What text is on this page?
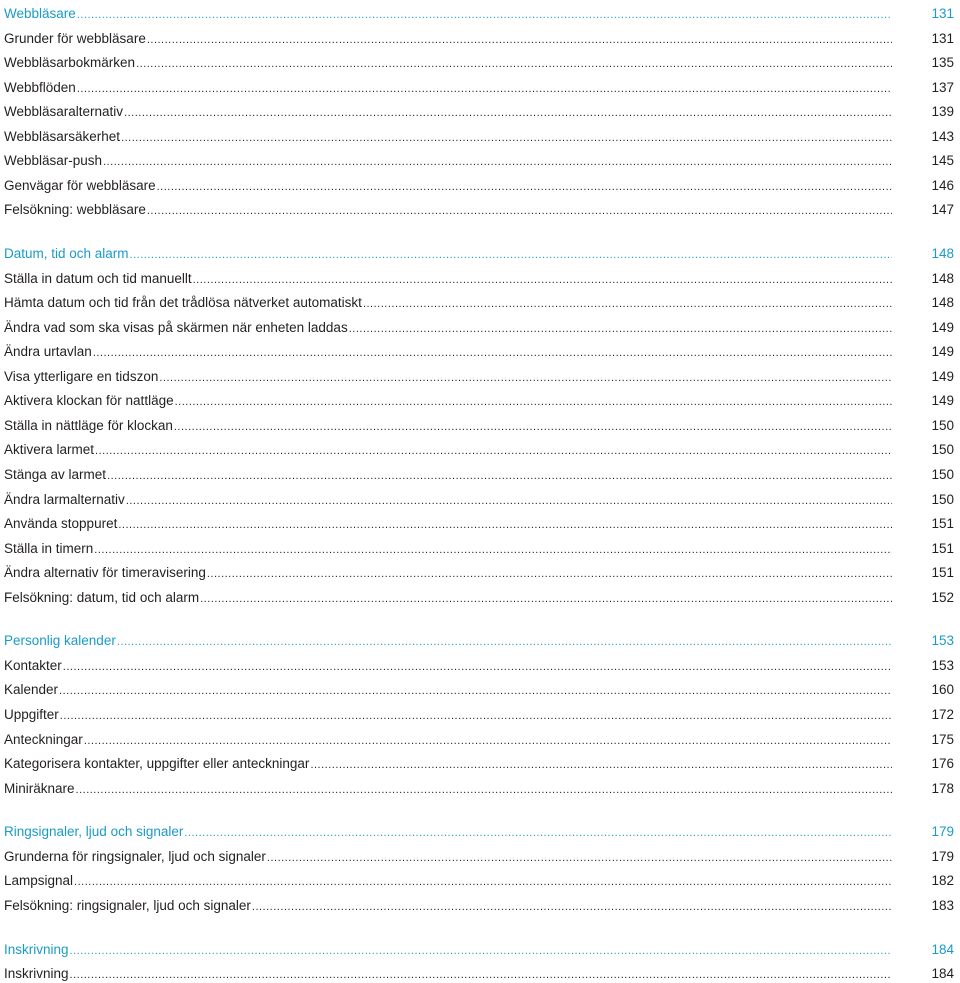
Webbläsare .....	131
Grunder för webbläsare .....	131
Webbläsarbokmärken .....	135
Webbflöden .....	137
Webbläsaralternativ .....	139
Webbläsarsäkerhet .....	143
Webbläsar-push .....	145
Genvägar för webbläsare .....	146
Felsökning: webbläsare .....	147
Datum, tid och alarm .....	148
Ställa in datum och tid manuellt .....	148
Hämta datum och tid från det trådlösa nätverket automatiskt .....	148
Ändra vad som ska visas på skärmen när enheten laddas .....	149
Ändra urtavlan .....	149
Visa ytterligare en tidszon .....	149
Aktivera klockan för nattläge .....	149
Ställa in nättläge för klockan .....	150
Aktivera larmet .....	150
Stänga av larmet .....	150
Ändra larmalternativ .....	150
Använda stoppuret .....	151
Ställa in timern .....	151
Ändra alternativ för timeravisering .....	151
Felsökning: datum, tid och alarm .....	152
Personlig kalender .....	153
Kontakter .....	153
Kalender .....	160
Uppgifter .....	172
Anteckningar .....	175
Kategorisera kontakter, uppgifter eller anteckningar .....	176
Miniräknare .....	178
Ringsignaler, ljud och signaler .....	179
Grunderna för ringsignaler, ljud och signaler .....	179
Lampsignal .....	182
Felsökning: ringsignaler, ljud och signaler .....	183
Inskrivning .....	184
Inskrivning .....	184
